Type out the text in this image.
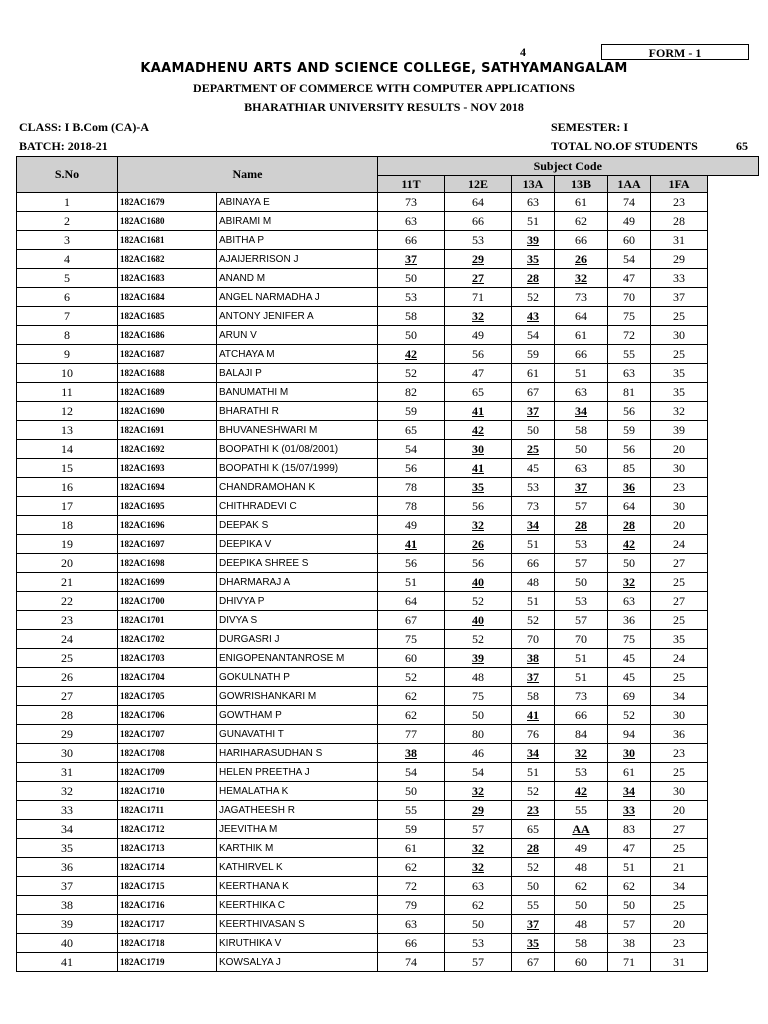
4	FORM - 1
KAAMADHENU ARTS AND SCIENCE COLLEGE, SATHYAMANGALAM
DEPARTMENT OF COMMERCE WITH COMPUTER APPLICATIONS
BHARATHIAR UNIVERSITY RESULTS - NOV 2018
CLASS: I B.Com (CA)-A
BATCH: 2018-21
SEMESTER: I
TOTAL NO.OF STUDENTS	65
S.No	Name		Subject Code						
			11T	12E	13A	13B	1AA	1FA	
1	182AC1679	ABINAYA E	73	64	63	61	74	23	
2	182AC1680	ABIRAMI M	63	66	51	62	49	28	
3	182AC1681	ABITHA P	66	53	39	66	60	31	
4	182AC1682	AJAIJERRISON J	37	29	35	26	54	29	
5	182AC1683	ANAND M	50	27	28	32	47	33	
6	182AC1684	ANGEL NARMADHA J	53	71	52	73	70	37	
7	182AC1685	ANTONY JENIFER A	58	32	43	64	75	25	
8	182AC1686	ARUN V	50	49	54	61	72	30	
9	182AC1687	ATCHAYA M	42	56	59	66	55	25	
10	182AC1688	BALAJI P	52	47	61	51	63	35	
11	182AC1689	BANUMATHI M	82	65	67	63	81	35	
12	182AC1690	BHARATHI R	59	41	37	34	56	32	
13	182AC1691	BHUVANESHWARI M	65	42	50	58	59	39	
14	182AC1692	BOOPATHI K (01/08/2001)	54	30	25	50	56	20	
15	182AC1693	BOOPATHI K (15/07/1999)	56	41	45	63	85	30	
16	182AC1694	CHANDRAMOHAN K	78	35	53	37	36	23	
17	182AC1695	CHITHRADEVI C	78	56	73	57	64	30	
18	182AC1696	DEEPAK S	49	32	34	28	28	20	
19	182AC1697	DEEPIKA V	41	26	51	53	42	24	
20	182AC1698	DEEPIKA SHREE S	56	56	66	57	50	27	
21	182AC1699	DHARMARAJ A	51	40	48	50	32	25	
22	182AC1700	DHIVYA P	64	52	51	53	63	27	
23	182AC1701	DIVYA S	67	40	52	57	36	25	
24	182AC1702	DURGASRI J	75	52	70	70	75	35	
25	182AC1703	ENIGOPENANTANROSE M	60	39	38	51	45	24	
26	182AC1704	GOKULNATH P	52	48	37	51	45	25	
27	182AC1705	GOWRISHANKARI M	62	75	58	73	69	34	
28	182AC1706	GOWTHAM P	62	50	41	66	52	30	
29	182AC1707	GUNAVATHI T	77	80	76	84	94	36	
30	182AC1708	HARIHARASUDHAN S	38	46	34	32	30	23	
31	182AC1709	HELEN PREETHA J	54	54	51	53	61	25	
32	182AC1710	HEMALATHA K	50	32	52	42	34	30	
33	182AC1711	JAGATHEESH R	55	29	23	55	33	20	
34	182AC1712	JEEVITHA M	59	57	65	AA	83	27	
35	182AC1713	KARTHIK M	61	32	28	49	47	25	
36	182AC1714	KATHIRVEL K	62	32	52	48	51	21	
37	182AC1715	KEERTHANA K	72	63	50	62	62	34	
38	182AC1716	KEERTHIKA C	79	62	55	50	50	25	
39	182AC1717	KEERTHIVASAN S	63	50	37	48	57	20	
40	182AC1718	KIRUTHIKA V	66	53	35	58	38	23	
41	182AC1719	KOWSALYA J	74	57	67	60	71	31	
